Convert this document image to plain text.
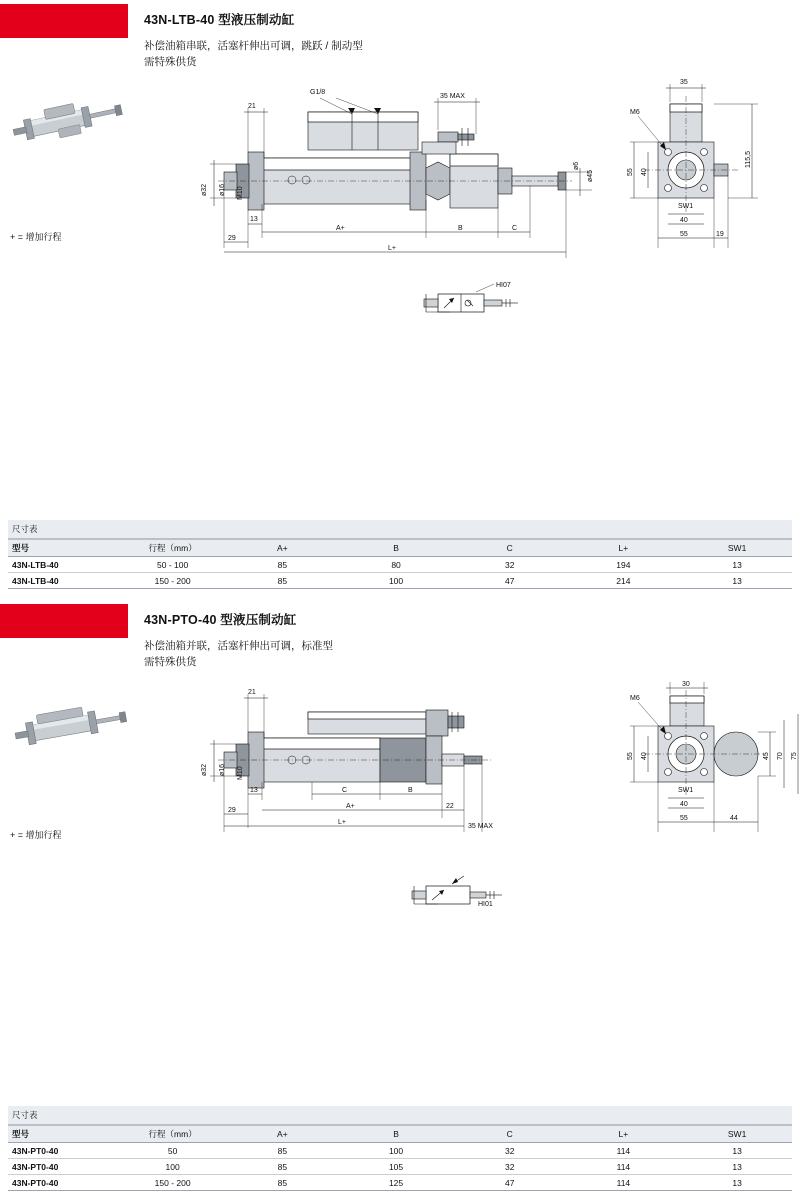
43N-LTB-40 型液压制动缸
补偿油箱串联，活塞杆伸出可调，跳跃 / 制动型
需特殊供货
+ = 增加行程
G1/8
ø32 ø16 M10
21
35 MAX
ø6
ø45
13
29
A+	B	C
L+
M6
35
115,5
55 40
SW1
40
55	19
HI07
尺寸表
型号	行程（mm）	A+	B	C	L+	SW1
43N-LTB-40	50 - 100	85	80	32	194	13
43N-LTB-40	150 - 200	85	100	47	214	13
43N-PTO-40 型液压制动缸
补偿油箱并联，活塞杆伸出可调，标准型
需特殊供货
+ = 增加行程
ø32 ø16 M10
21
13	C	B
29
A+	22
L+
35 MAX
M6
30
55 40	45 70 75
SW1
40
55	44
HI01
尺寸表
型号	行程（mm）	A+	B	C	L+	SW1
43N-PT0-40	50	85	100	32	114	13
43N-PT0-40	100	85	105	32	114	13
43N-PT0-40	150 - 200	85	125	47	114	13
